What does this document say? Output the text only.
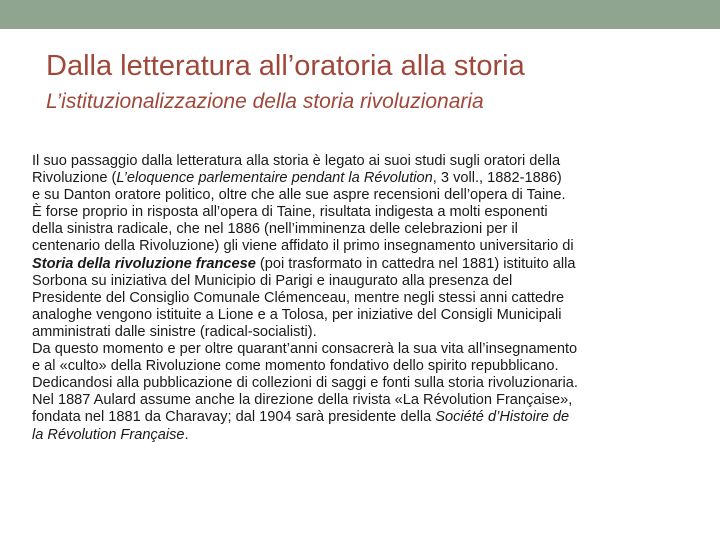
Dalla letteratura all’oratoria alla storia
L’istituzionalizzazione della storia rivoluzionaria
Il suo passaggio dalla letteratura alla storia è legato ai suoi studi sugli oratori della
Rivoluzione (L’eloquence parlementaire pendant la Révolution, 3 voll., 1882-1886)
e su Danton oratore politico, oltre che alle sue aspre recensioni dell’opera di Taine.
È forse proprio in risposta all’opera di Taine, risultata indigesta a molti esponenti
della sinistra radicale, che nel 1886 (nell’imminenza delle celebrazioni per il
centenario della Rivoluzione) gli viene affidato il primo insegnamento universitario di
Storia della rivoluzione francese (poi trasformato in cattedra nel 1881) istituito alla
Sorbona su iniziativa del Municipio di Parigi e inaugurato alla presenza del
Presidente del Consiglio Comunale Clémenceau, mentre negli stessi anni cattedre
analoghe vengono istituite a Lione e a Tolosa, per iniziative del Consigli Municipali
amministrati dalle sinistre (radical-socialisti).
Da questo momento e per oltre quarant’anni consacrerà la sua vita all’insegnamento
e al «culto» della Rivoluzione come momento fondativo dello spirito repubblicano.
Dedicandosi alla pubblicazione di collezioni di saggi e fonti sulla storia rivoluzionaria.
Nel 1887 Aulard assume anche la direzione della rivista «La Révolution Française»,
fondata nel 1881 da Charavay; dal 1904 sarà presidente della Société d’Histoire de
la Révolution Française.
